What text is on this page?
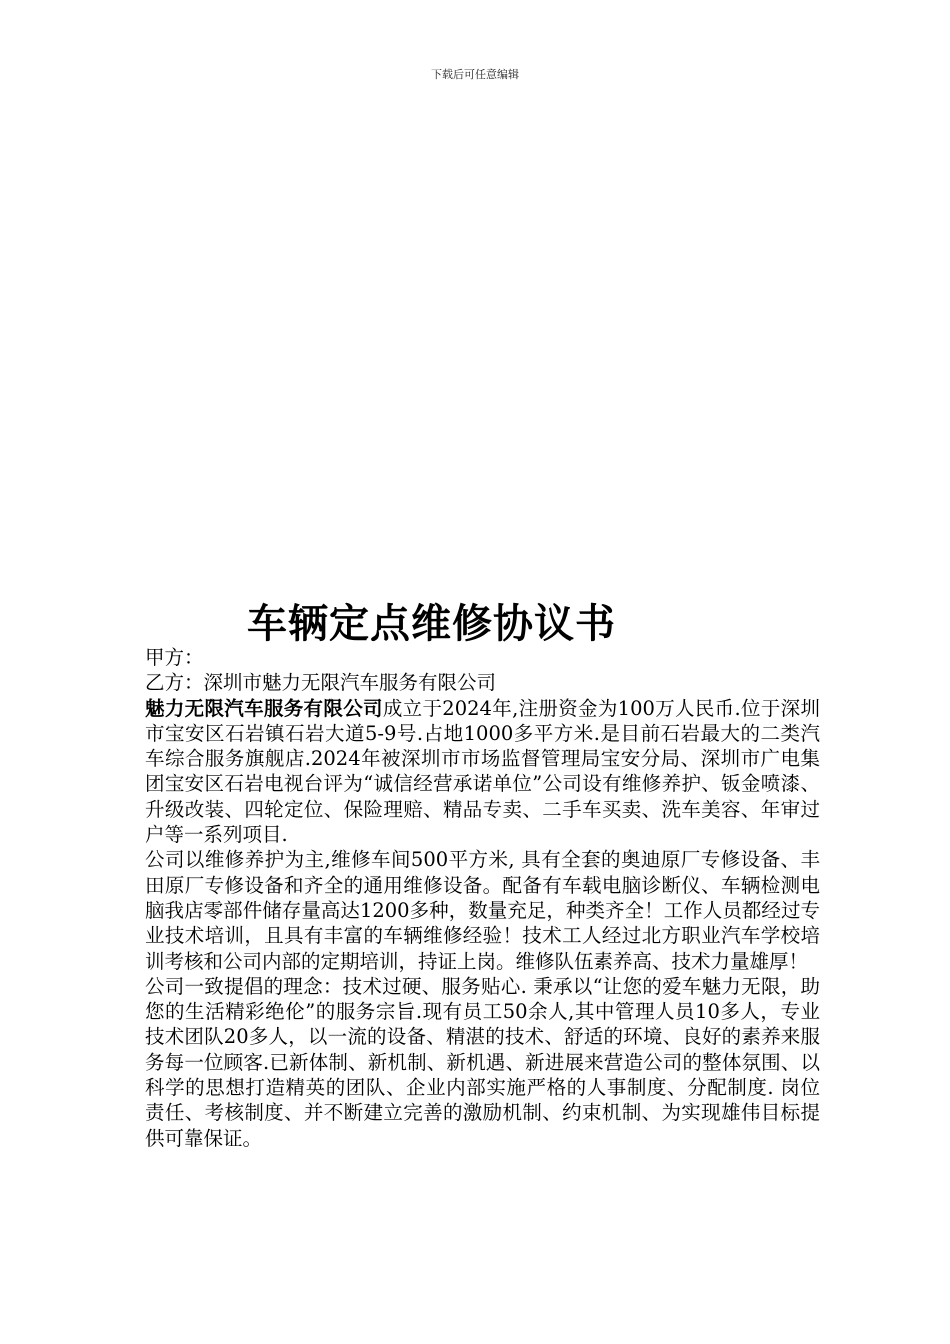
下载后可任意编辑
车辆定点维修协议书

甲方：

乙方：深圳市魅力无限汽车服务有限公司

魅力无限汽车服务有限公司成立于2024年,注册资金为100万人民币.位于深圳市宝安区石岩镇石岩大道5-9号.占地1000多平方米.是目前石岩最大的二类汽车综合服务旗舰店.2024年被深圳市市场监督管理局宝安分局、深圳市广电集团宝安区石岩电视台评为“诚信经营承诺单位”公司设有维修养护、钣金喷漆、升级改装、四轮定位、保险理赔、精品专卖、二手车买卖、洗车美容、年审过户等一系列项目.

公司以维修养护为主,维修车间500平方米, 具有全套的奥迪原厂专修设备、丰田原厂专修设备和齐全的通用维修设备。配备有车载电脑诊断仪、车辆检测电脑我店零部件储存量高达1200多种，数量充足，种类齐全！工作人员都经过专业技术培训，且具有丰富的车辆维修经验！技术工人经过北方职业汽车学校培训考核和公司内部的定期培训，持证上岗。维修队伍素养高、技术力量雄厚！

公司一致提倡的理念：技术过硬、服务贴心. 秉承以“让您的爱车魅力无限，助您的生活精彩绝伦”的服务宗旨.现有员工50余人,其中管理人员10多人，专业技术团队20多人，以一流的设备、精湛的技术、舒适的环境、良好的素养来服务每一位顾客.已新体制、新机制、新机遇、新进展来营造公司的整体氛围、以科学的思想打造精英的团队、企业内部实施严格的人事制度、分配制度. 岗位责任、考核制度、并不断建立完善的激励机制、约束机制、为实现雄伟目标提供可靠保证。
